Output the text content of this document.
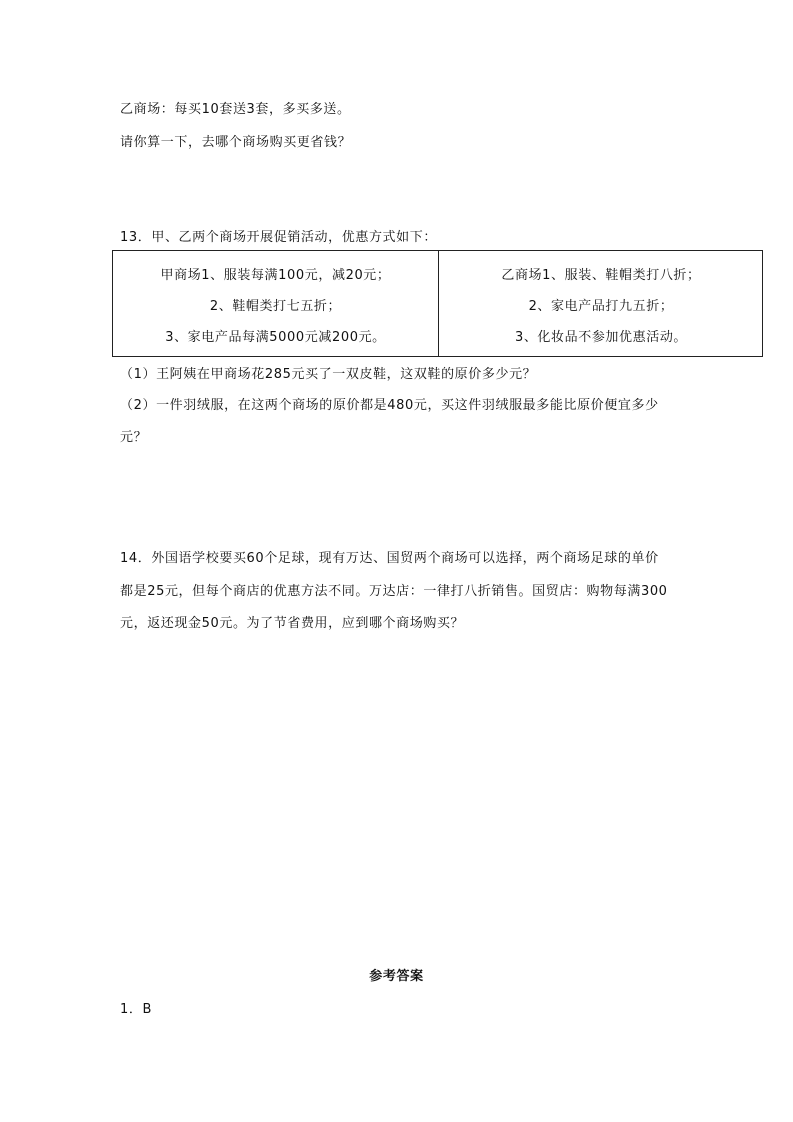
乙商场：每买10套送3套，多买多送。
请你算一下，去哪个商场购买更省钱？
13．甲、乙两个商场开展促销活动，优惠方式如下：
甲商场1、服装每满100元，减20元；
2、鞋帽类打七五折；
3、家电产品每满5000元减200元。
乙商场1、服装、鞋帽类打八折；
2、家电产品打九五折；
3、化妆品不参加优惠活动。
（1）王阿姨在甲商场花285元买了一双皮鞋，这双鞋的原价多少元？
（2）一件羽绒服，在这两个商场的原价都是480元，买这件羽绒服最多能比原价便宜多少
元？
14．外国语学校要买60个足球，现有万达、国贸两个商场可以选择，两个商场足球的单价
都是25元，但每个商店的优惠方法不同。万达店：一律打八折销售。国贸店：购物每满300
元，返还现金50元。为了节省费用，应到哪个商场购买？
参考答案
1．B
